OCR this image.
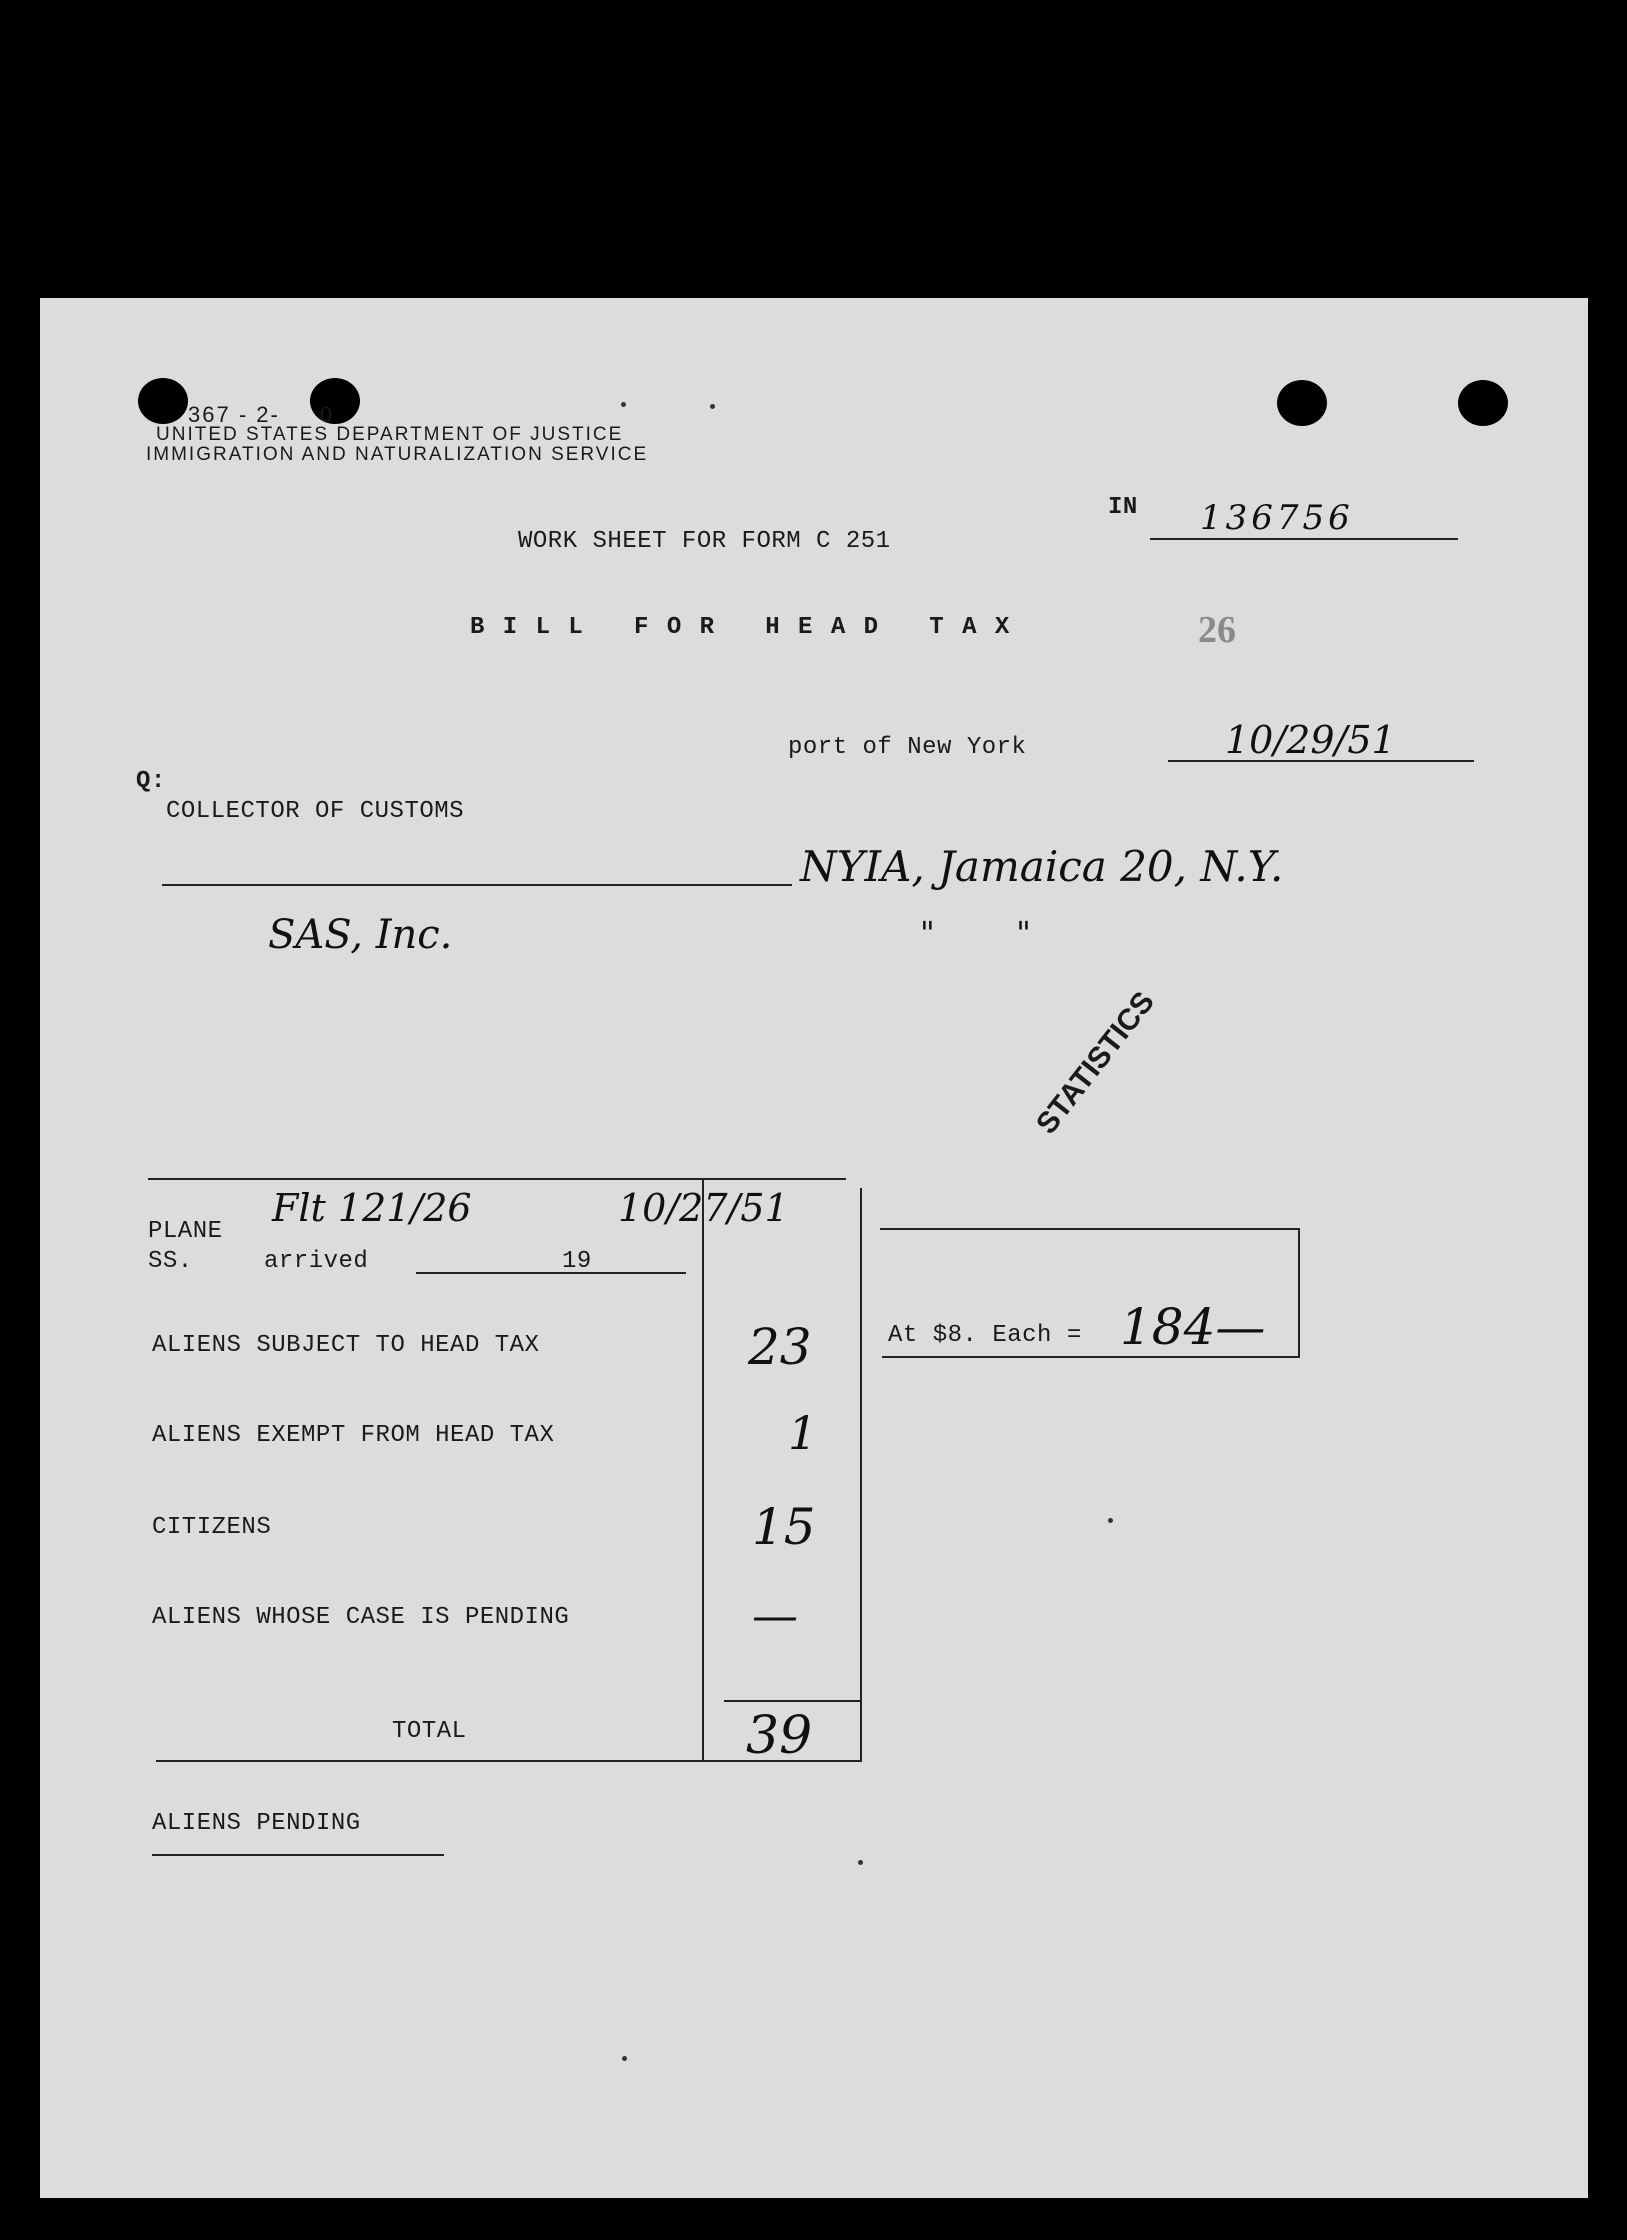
367 - 2- 0
UNITED STATES DEPARTMENT OF JUSTICE
IMMIGRATION AND NATURALIZATION SERVICE
IN 136756
WORK SHEET FOR FORM C 251
B I L L   F O R   H E A D   T A X	26
port of New York	10/29/51
Q:
COLLECTOR OF CUSTOMS
NYIA, Jamaica 20, N.Y.
SAS, Inc.	"        "
STATISTICS
PLANE
SS.	arrived	19
Flt 121/26	10/27/51
ALIENS SUBJECT TO HEAD TAX	23
ALIENS EXEMPT FROM HEAD TAX	1
CITIZENS	15
ALIENS WHOSE CASE IS PENDING	—
TOTAL	39
At $8. Each = 184—
ALIENS PENDING
